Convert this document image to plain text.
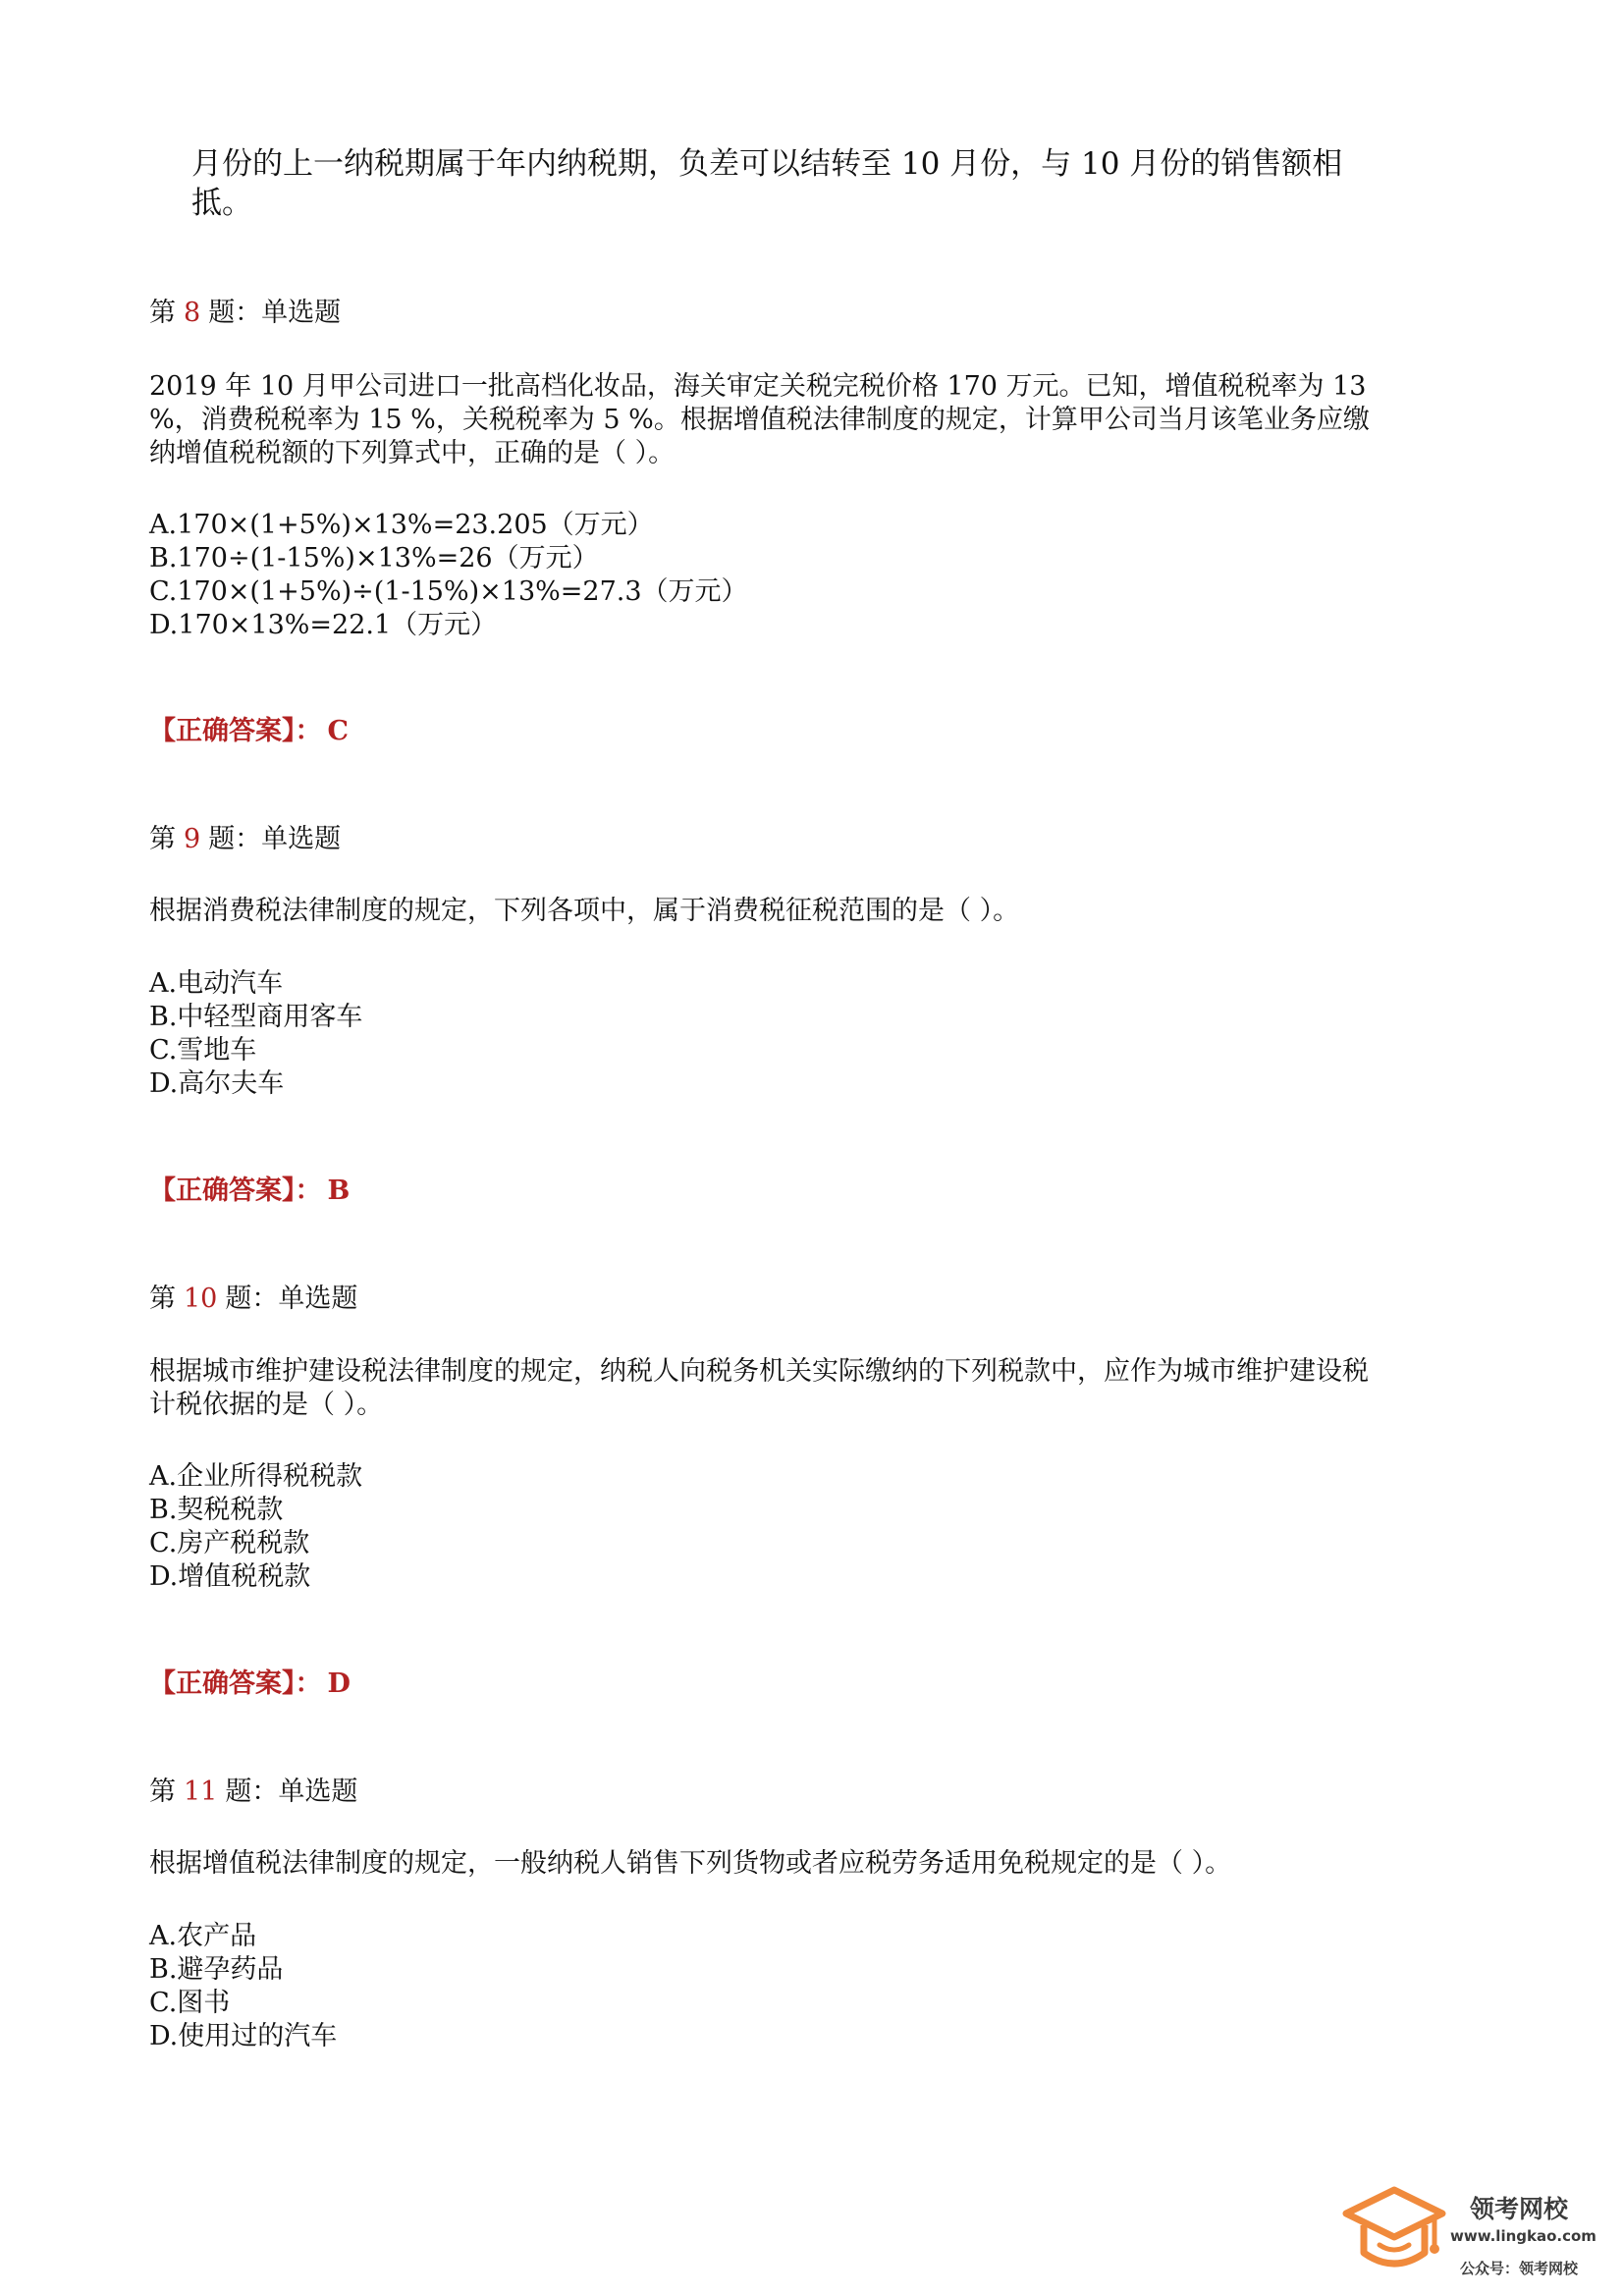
月份的上一纳税期属于年内纳税期，负差可以结转至 10 月份，与 10 月份的销售额相
抵。
第 8 题：单选题
2019 年 10 月甲公司进口一批高档化妆品，海关审定关税完税价格 170 万元。已知，增值税税率为 13
%，消费税税率为 15 %，关税税率为 5 %。根据增值税法律制度的规定，计算甲公司当月该笔业务应缴
纳增值税税额的下列算式中，正确的是（ ）。
A.170×(1+5%)×13%=23.205（万元）
B.170÷(1-15%)×13%=26（万元）
C.170×(1+5%)÷(1-15%)×13%=27.3（万元）
D.170×13%=22.1（万元）
【正确答案】： C
第 9 题：单选题
根据消费税法律制度的规定，下列各项中，属于消费税征税范围的是（ ）。
A.电动汽车
B.中轻型商用客车
C.雪地车
D.高尔夫车
【正确答案】： B
第 10 题：单选题
根据城市维护建设税法律制度的规定，纳税人向税务机关实际缴纳的下列税款中，应作为城市维护建设税
计税依据的是（ ）。
A.企业所得税税款
B.契税税款
C.房产税税款
D.增值税税款
【正确答案】： D
第 11 题：单选题
根据增值税法律制度的规定，一般纳税人销售下列货物或者应税劳务适用免税规定的是（ ）。
A.农产品
B.避孕药品
C.图书
D.使用过的汽车
领考网校
www.lingkao.com
公众号：领考网校
